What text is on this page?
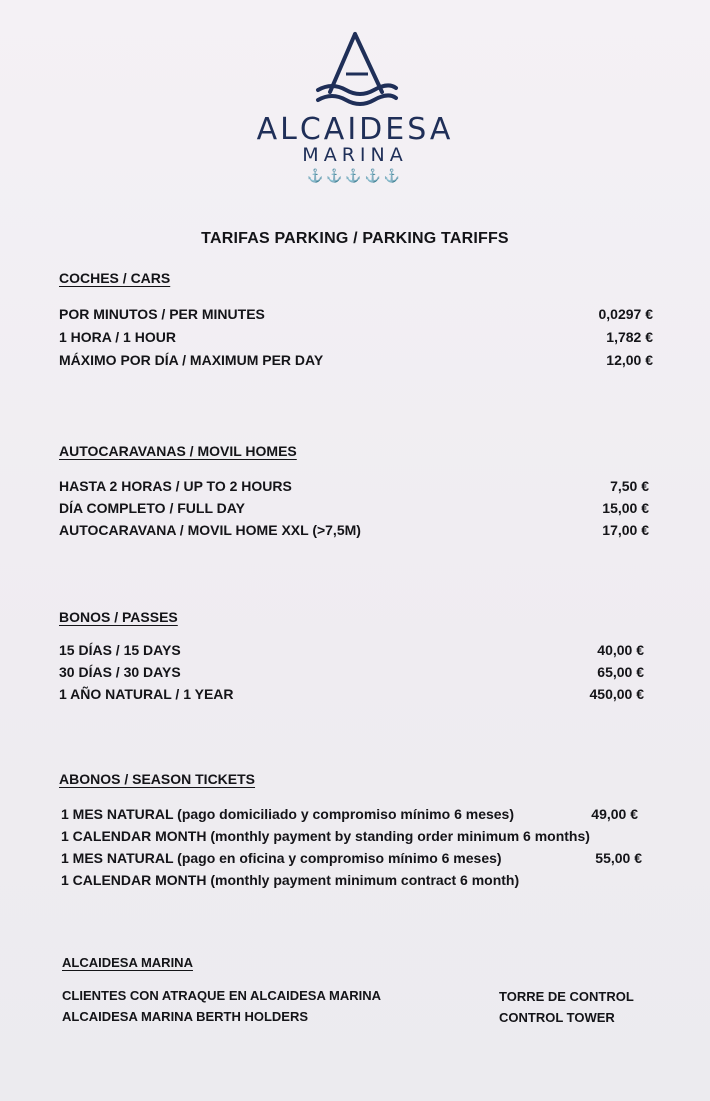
ALCAIDESA
MARINA
⚓⚓⚓⚓⚓
TARIFAS PARKING / PARKING TARIFFS
COCHES / CARS
POR MINUTOS / PER MINUTES	0,0297 €
1 HORA / 1 HOUR	1,782 €
MÁXIMO POR DÍA / MAXIMUM PER DAY	12,00 €
AUTOCARAVANAS / MOVIL HOMES
HASTA 2 HORAS / UP TO 2 HOURS	7,50 €
DÍA COMPLETO / FULL DAY	15,00 €
AUTOCARAVANA / MOVIL HOME XXL (>7,5M)	17,00 €
BONOS / PASSES
15 DÍAS / 15 DAYS	40,00 €
30 DÍAS / 30 DAYS	65,00 €
1 AÑO NATURAL / 1 YEAR	450,00 €
ABONOS / SEASON TICKETS
1 MES NATURAL (pago domiciliado y compromiso mínimo 6 meses)	49,00 €
1 CALENDAR MONTH (monthly payment by standing order minimum 6 months)
1 MES NATURAL (pago en oficina y compromiso mínimo 6 meses)	55,00 €
1 CALENDAR MONTH (monthly payment minimum contract 6 month)
ALCAIDESA MARINA
CLIENTES CON ATRAQUE EN ALCAIDESA MARINA
ALCAIDESA MARINA BERTH HOLDERS
TORRE DE CONTROL
CONTROL TOWER
